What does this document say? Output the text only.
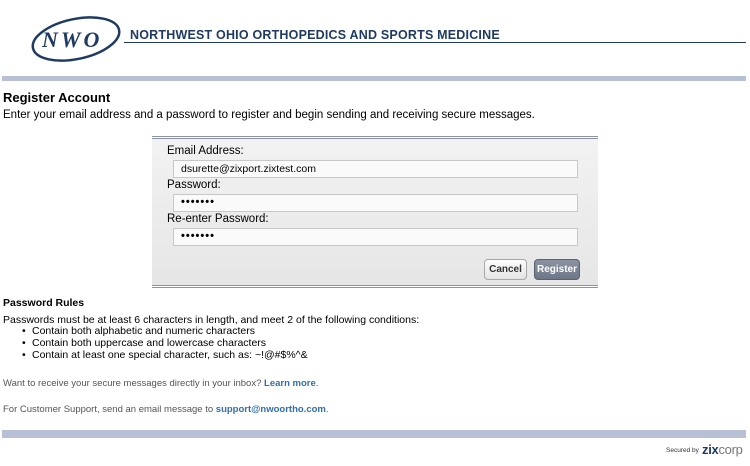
NWO NORTHWEST OHIO ORTHOPEDICS AND SPORTS MEDICINE
Register Account
Enter your email address and a password to register and begin sending and receiving secure messages.
Email Address:
dsurette@zixport.zixtest.com
Password:
•••••••
Re-enter Password:
•••••••
Cancel	Register
Password Rules
Passwords must be at least 6 characters in length, and meet 2 of the following conditions:
• Contain both alphabetic and numeric characters
• Contain both uppercase and lowercase characters
• Contain at least one special character, such as: ~!@#$%^&
Want to receive your secure messages directly in your inbox? Learn more.
For Customer Support, send an email message to support@nwoortho.com.
Secured by zixcorp
